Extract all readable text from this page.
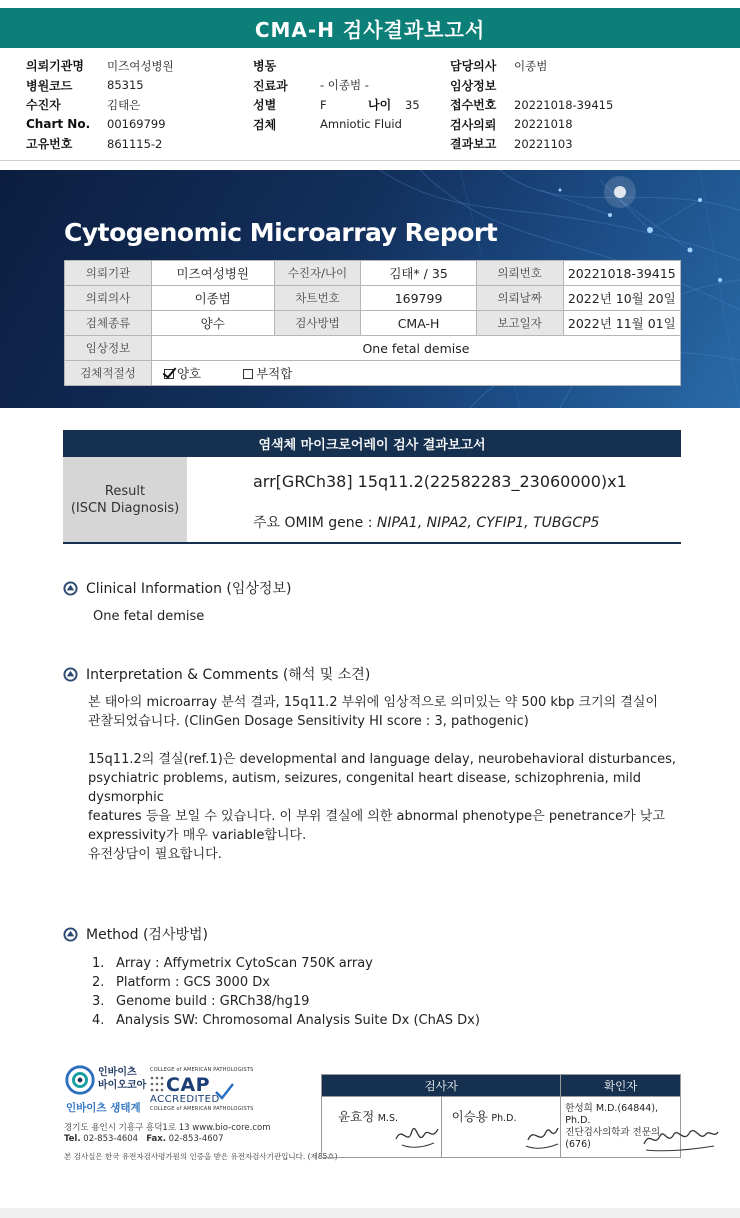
CMA-H 검사결과보고서
의뢰기관명	미즈여성병원
병원코드	85315
수진자	김태은
Chart No.	00169799
고유번호	861115-2
병동
진료과	- 이종범 -
성별	F	나이	35
검체	Amniotic Fluid
담당의사	이종범
임상정보
접수번호	20221018-39415
검사의뢰	20221018
결과보고	20221103
Cytogenomic Microarray Report
의뢰기관	미즈여성병원	수진자/나이	김태* / 35	의뢰번호	20221018-39415
의뢰의사	이종범	차트번호	169799	의뢰날짜	2022년 10월 20일
검체종류	양수	검사방법	CMA-H	보고일자	2022년 11월 01일
임상정보	One fetal demise				
검체적절성	양호 부적합				
염색체 마이크로어레이 검사 결과보고서
Result
(ISCN Diagnosis)
arr[GRCh38] 15q11.2(22582283_23060000)x1
주요 OMIM gene : NIPA1, NIPA2, CYFIP1, TUBGCP5
Clinical Information (임상정보)
One fetal demise
Interpretation & Comments (해석 및 소견)
본 태아의 microarray 분석 결과, 15q11.2 부위에 임상적으로 의미있는 약 500 kbp 크기의 결실이
관찰되었습니다. (ClinGen Dosage Sensitivity HI score : 3, pathogenic)
15q11.2의 결실(ref.1)은 developmental and language delay, neurobehavioral disturbances,
psychiatric problems, autism, seizures, congenital heart disease, schizophrenia, mild dysmorphic
features 등을 보일 수 있습니다. 이 부위 결실에 의한 abnormal phenotype은 penetrance가 낮고
expressivity가 매우 variable합니다.
유전상담이 필요합니다.
Method (검사방법)
1. Array : Affymetrix CytoScan 750K array
2. Platform : GCS 3000 Dx
3. Genome build : GRCh38/hg19
4. Analysis SW: Chromosomal Analysis Suite Dx (ChAS Dx)
인바이츠
바이오코아
인바이츠 생태계
COLLEGE of AMERICAN PATHOLOGISTS
CAP
ACCREDITED
COLLEGE of AMERICAN PATHOLOGISTS
경기도 용인시 기흥구 흥덕1로 13 www.bio-core.com
Tel. 02-853-4604 Fax. 02-853-4607
본 검사실은 한국 유전자검사평가원의 인증을 받은 유전자검사기관입니다. (제85호)
검사자		확인자
윤효정 M.S.	이승용 Ph.D.	한성희 M.D.(64844), Ph.D.
진단검사의학과 전문의(676)
